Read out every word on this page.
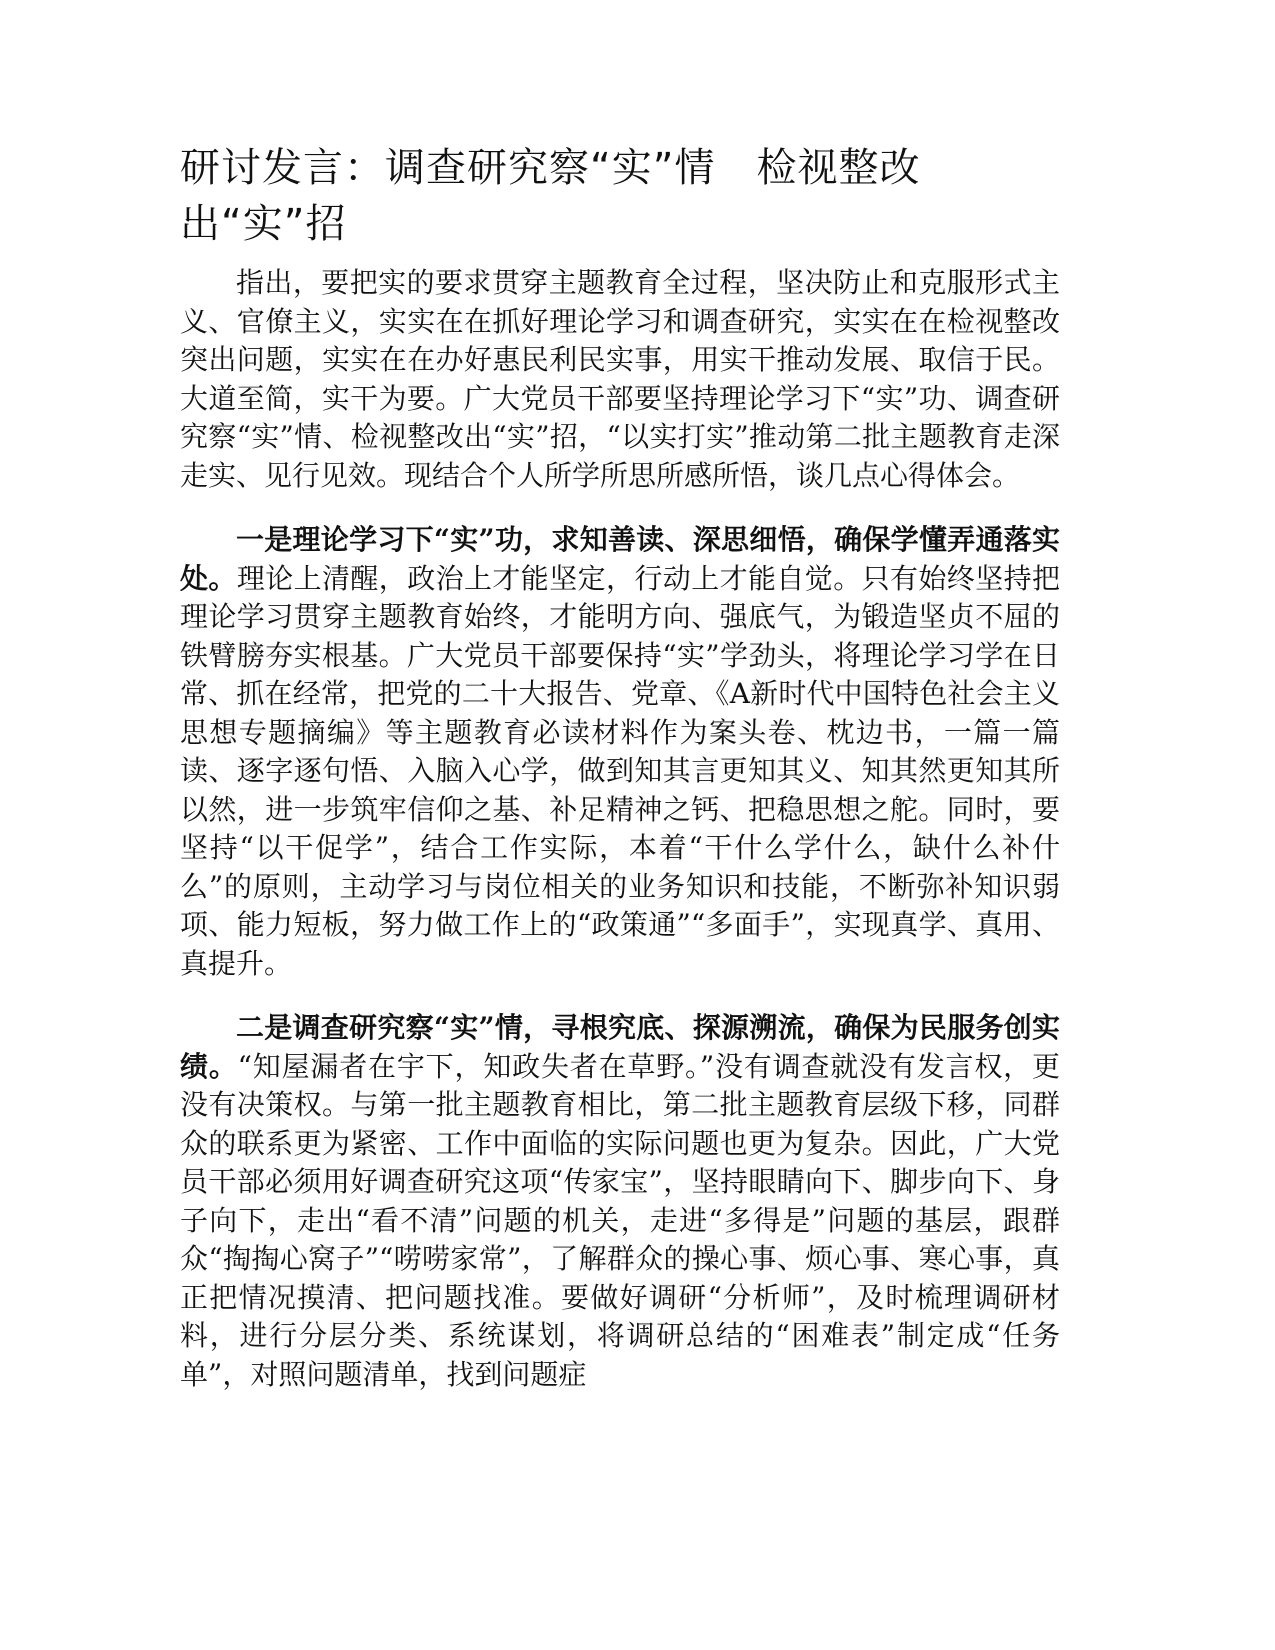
研讨发言：调查研究察“实”情　检视整改出“实”招

指出，要把实的要求贯穿主题教育全过程，坚决防止和克服形式主义、官僚主义，实实在在抓好理论学习和调查研究，实实在在检视整改突出问题，实实在在办好惠民利民实事，用实干推动发展、取信于民。大道至简，实干为要。广大党员干部要坚持理论学习下“实”功、调查研究察“实”情、检视整改出“实”招，“以实打实”推动第二批主题教育走深走实、见行见效。现结合个人所学所思所感所悟，谈几点心得体会。

一是理论学习下“实”功，求知善读、深思细悟，确保学懂弄通落实处。理论上清醒，政治上才能坚定，行动上才能自觉。只有始终坚持把理论学习贯穿主题教育始终，才能明方向、强底气，为锻造坚贞不屈的铁臂膀夯实根基。广大党员干部要保持“实”学劲头，将理论学习学在日常、抓在经常，把党的二十大报告、党章、《A新时代中国特色社会主义思想专题摘编》等主题教育必读材料作为案头卷、枕边书，一篇一篇读、逐字逐句悟、入脑入心学，做到知其言更知其义、知其然更知其所以然，进一步筑牢信仰之基、补足精神之钙、把稳思想之舵。同时，要坚持“以干促学”，结合工作实际，本着“干什么学什么，缺什么补什么”的原则，主动学习与岗位相关的业务知识和技能，不断弥补知识弱项、能力短板，努力做工作上的“政策通”“多面手”，实现真学、真用、真提升。

二是调查研究察“实”情，寻根究底、探源溯流，确保为民服务创实绩。“知屋漏者在宇下，知政失者在草野。”没有调查就没有发言权，更没有决策权。与第一批主题教育相比，第二批主题教育层级下移，同群众的联系更为紧密、工作中面临的实际问题也更为复杂。因此，广大党员干部必须用好调查研究这项“传家宝”，坚持眼睛向下、脚步向下、身子向下，走出“看不清”问题的机关，走进“多得是”问题的基层，跟群众“掏掏心窝子”“唠唠家常”，了解群众的操心事、烦心事、寒心事，真正把情况摸清、把问题找准。要做好调研“分析师”，及时梳理调研材料，进行分层分类、系统谋划，将调研总结的“困难表”制定成“任务单”，对照问题清单，找到问题症
